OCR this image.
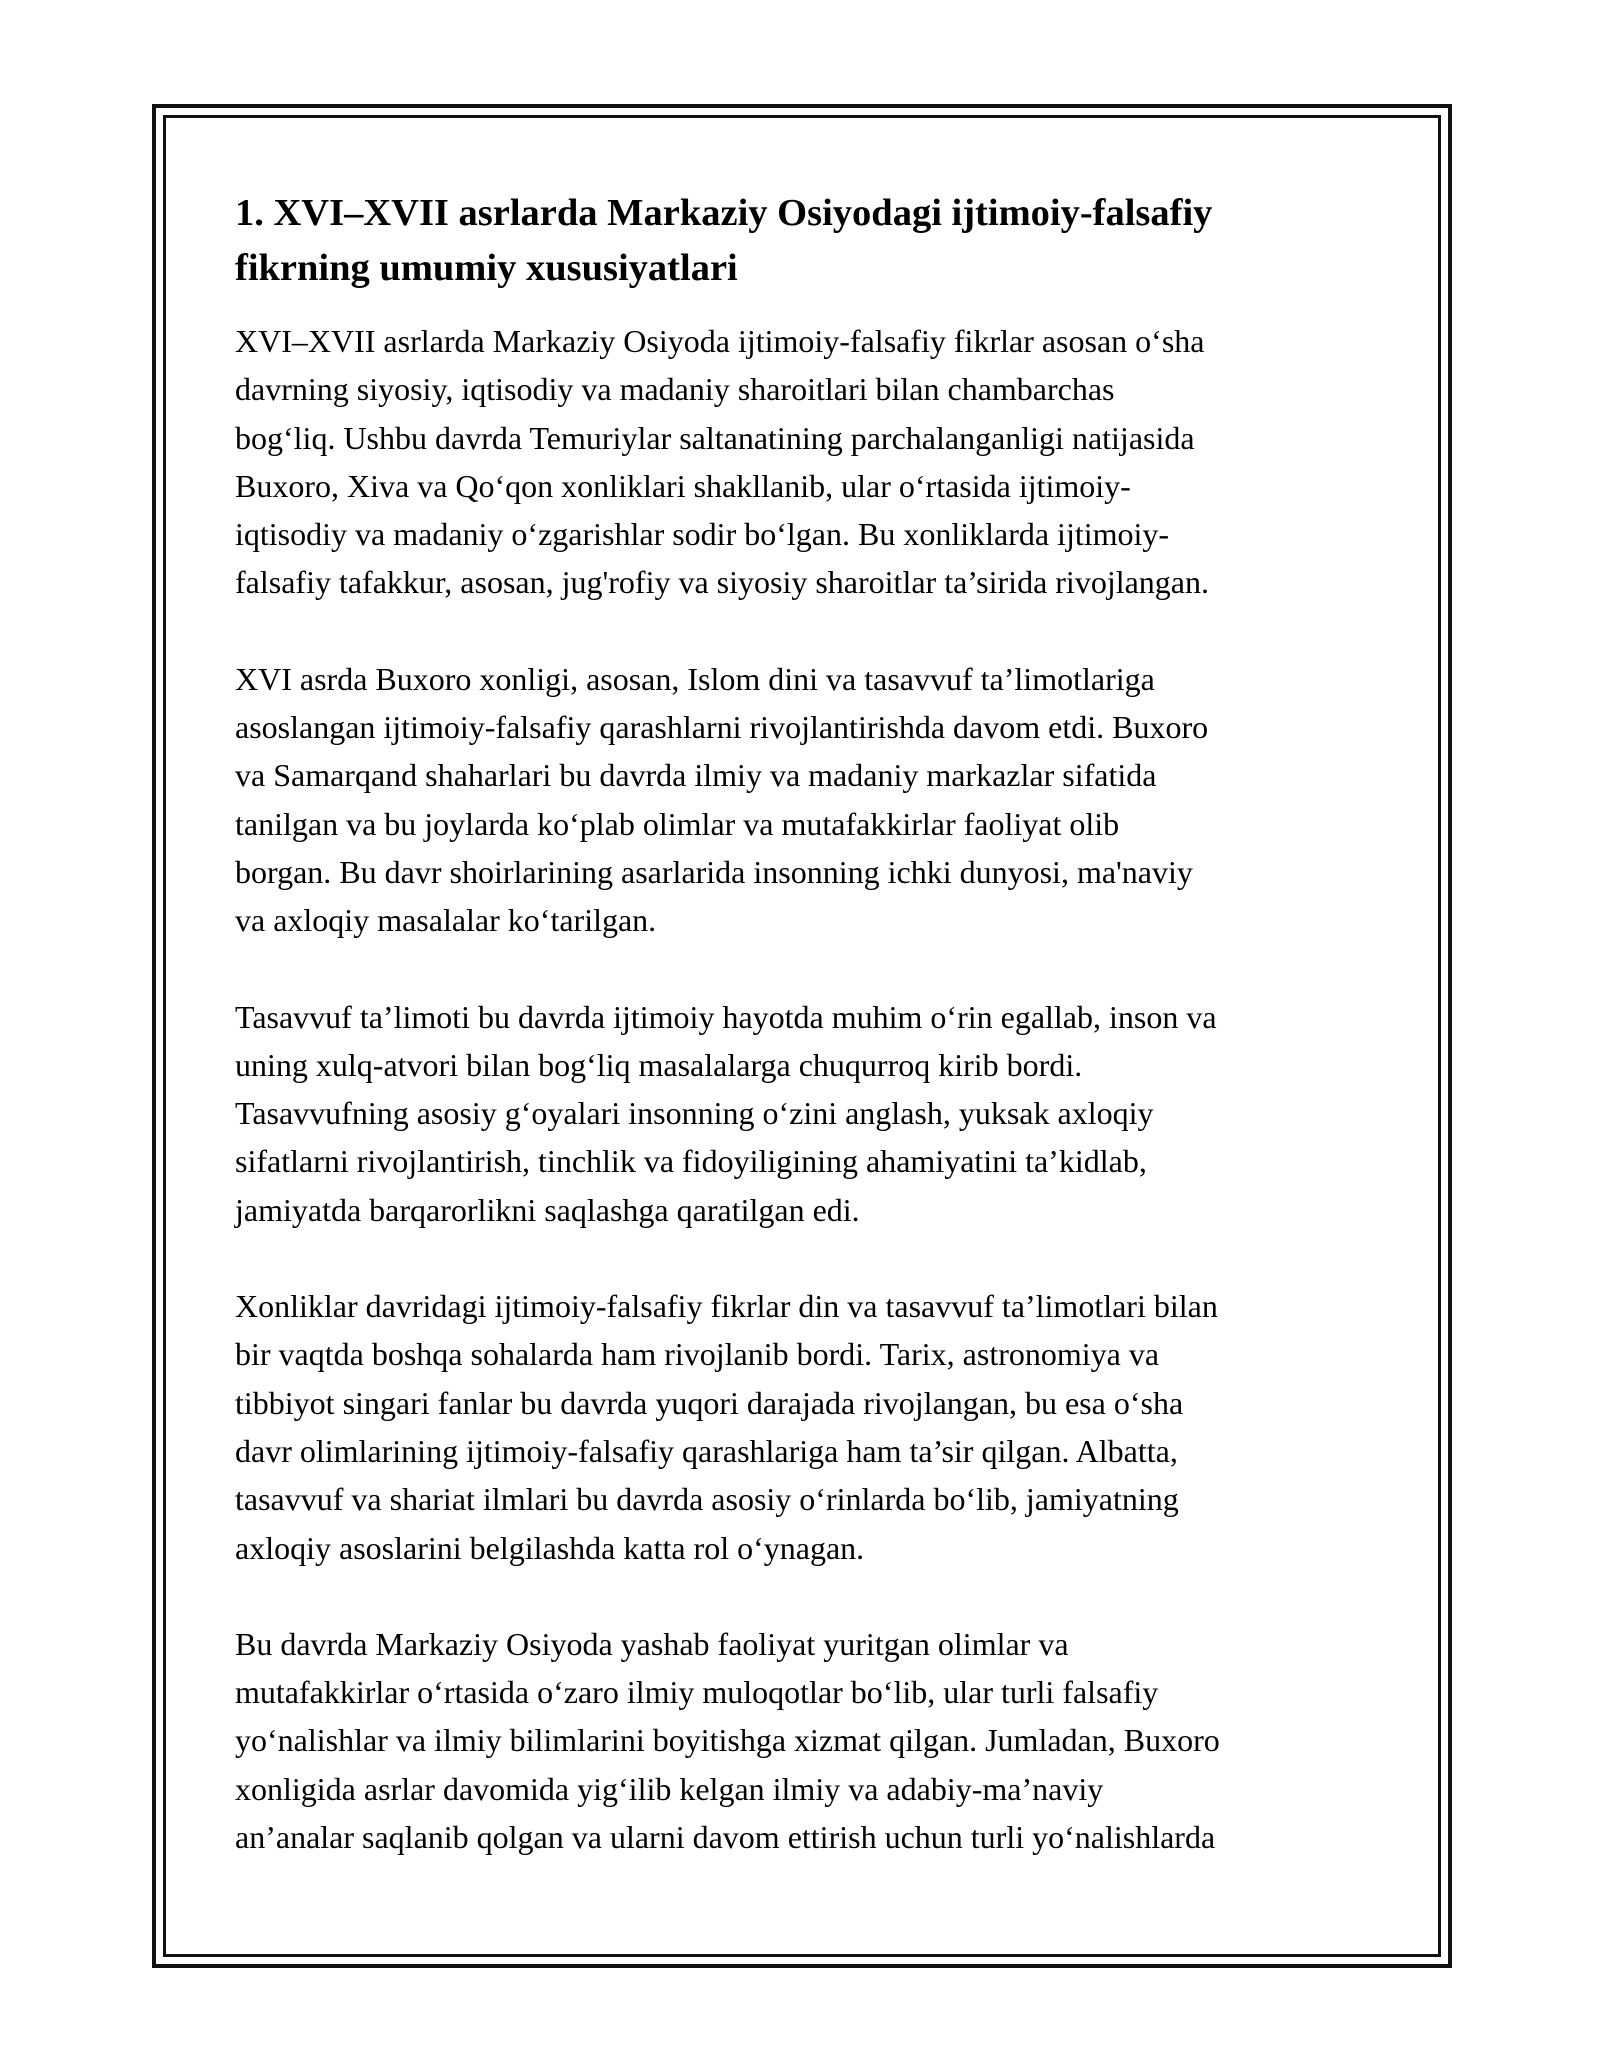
1. XVI–XVII asrlarda Markaziy Osiyodagi ijtimoiy-falsafiy
fikrning umumiy xususiyatlari

XVI–XVII asrlarda Markaziy Osiyoda ijtimoiy-falsafiy fikrlar asosan o‘sha
davrning siyosiy, iqtisodiy va madaniy sharoitlari bilan chambarchas
bog‘liq. Ushbu davrda Temuriylar saltanatining parchalanganligi natijasida
Buxoro, Xiva va Qo‘qon xonliklari shakllanib, ular o‘rtasida ijtimoiy-
iqtisodiy va madaniy o‘zgarishlar sodir bo‘lgan. Bu xonliklarda ijtimoiy-
falsafiy tafakkur, asosan, jug'rofiy va siyosiy sharoitlar ta’sirida rivojlangan.

XVI asrda Buxoro xonligi, asosan, Islom dini va tasavvuf ta’limotlariga
asoslangan ijtimoiy-falsafiy qarashlarni rivojlantirishda davom etdi. Buxoro
va Samarqand shaharlari bu davrda ilmiy va madaniy markazlar sifatida
tanilgan va bu joylarda ko‘plab olimlar va mutafakkirlar faoliyat olib
borgan. Bu davr shoirlarining asarlarida insonning ichki dunyosi, ma'naviy
va axloqiy masalalar ko‘tarilgan.

Tasavvuf ta’limoti bu davrda ijtimoiy hayotda muhim o‘rin egallab, inson va
uning xulq-atvori bilan bog‘liq masalalarga chuqurroq kirib bordi.
Tasavvufning asosiy g‘oyalari insonning o‘zini anglash, yuksak axloqiy
sifatlarni rivojlantirish, tinchlik va fidoyiligining ahamiyatini ta’kidlab,
jamiyatda barqarorlikni saqlashga qaratilgan edi.

Xonliklar davridagi ijtimoiy-falsafiy fikrlar din va tasavvuf ta’limotlari bilan
bir vaqtda boshqa sohalarda ham rivojlanib bordi. Tarix, astronomiya va
tibbiyot singari fanlar bu davrda yuqori darajada rivojlangan, bu esa o‘sha
davr olimlarining ijtimoiy-falsafiy qarashlariga ham ta’sir qilgan. Albatta,
tasavvuf va shariat ilmlari bu davrda asosiy o‘rinlarda bo‘lib, jamiyatning
axloqiy asoslarini belgilashda katta rol o‘ynagan.

Bu davrda Markaziy Osiyoda yashab faoliyat yuritgan olimlar va
mutafakkirlar o‘rtasida o‘zaro ilmiy muloqotlar bo‘lib, ular turli falsafiy
yo‘nalishlar va ilmiy bilimlarini boyitishga xizmat qilgan. Jumladan, Buxoro
xonligida asrlar davomida yig‘ilib kelgan ilmiy va adabiy-ma’naviy
an’analar saqlanib qolgan va ularni davom ettirish uchun turli yo‘nalishlarda
